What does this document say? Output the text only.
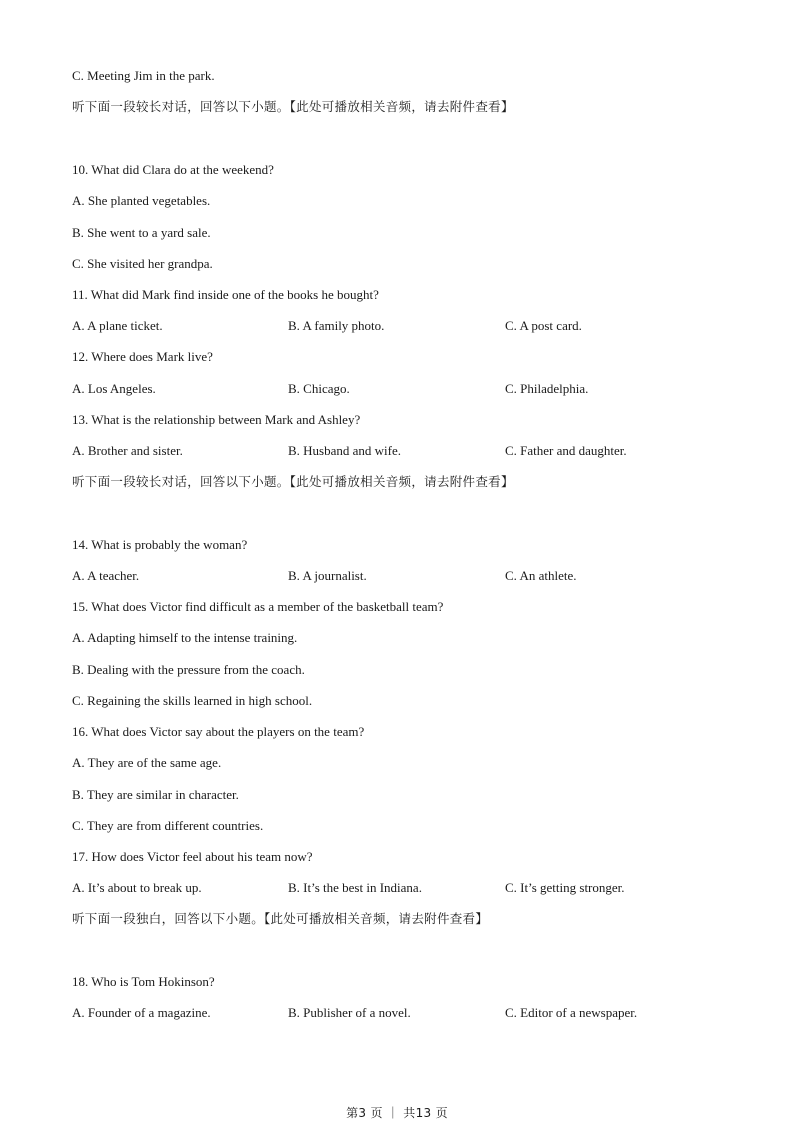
C. Meeting Jim in the park.
听下面一段较长对话，回答以下小题。【此处可播放相关音频，请去附件查看】
10. What did Clara do at the weekend?
A. She planted vegetables.
B. She went to a yard sale.
C. She visited her grandpa.
11. What did Mark find inside one of the books he bought?
A. A plane ticket.	B. A family photo.	C. A post card.
12. Where does Mark live?
A. Los Angeles.	B. Chicago.	C. Philadelphia.
13. What is the relationship between Mark and Ashley?
A. Brother and sister.	B. Husband and wife.	C. Father and daughter.
听下面一段较长对话，回答以下小题。【此处可播放相关音频，请去附件查看】
14. What is probably the woman?
A. A teacher.	B. A journalist.	C. An athlete.
15. What does Victor find difficult as a member of the basketball team?
A. Adapting himself to the intense training.
B. Dealing with the pressure from the coach.
C. Regaining the skills learned in high school.
16. What does Victor say about the players on the team?
A. They are of the same age.
B. They are similar in character.
C. They are from different countries.
17. How does Victor feel about his team now?
A. It’s about to break up.	B. It’s the best in Indiana.	C. It’s getting stronger.
听下面一段独白，回答以下小题。【此处可播放相关音频，请去附件查看】
18. Who is Tom Hokinson?
A. Founder of a magazine.	B. Publisher of a novel.	C. Editor of a newspaper.
第3 页 ｜ 共13 页
